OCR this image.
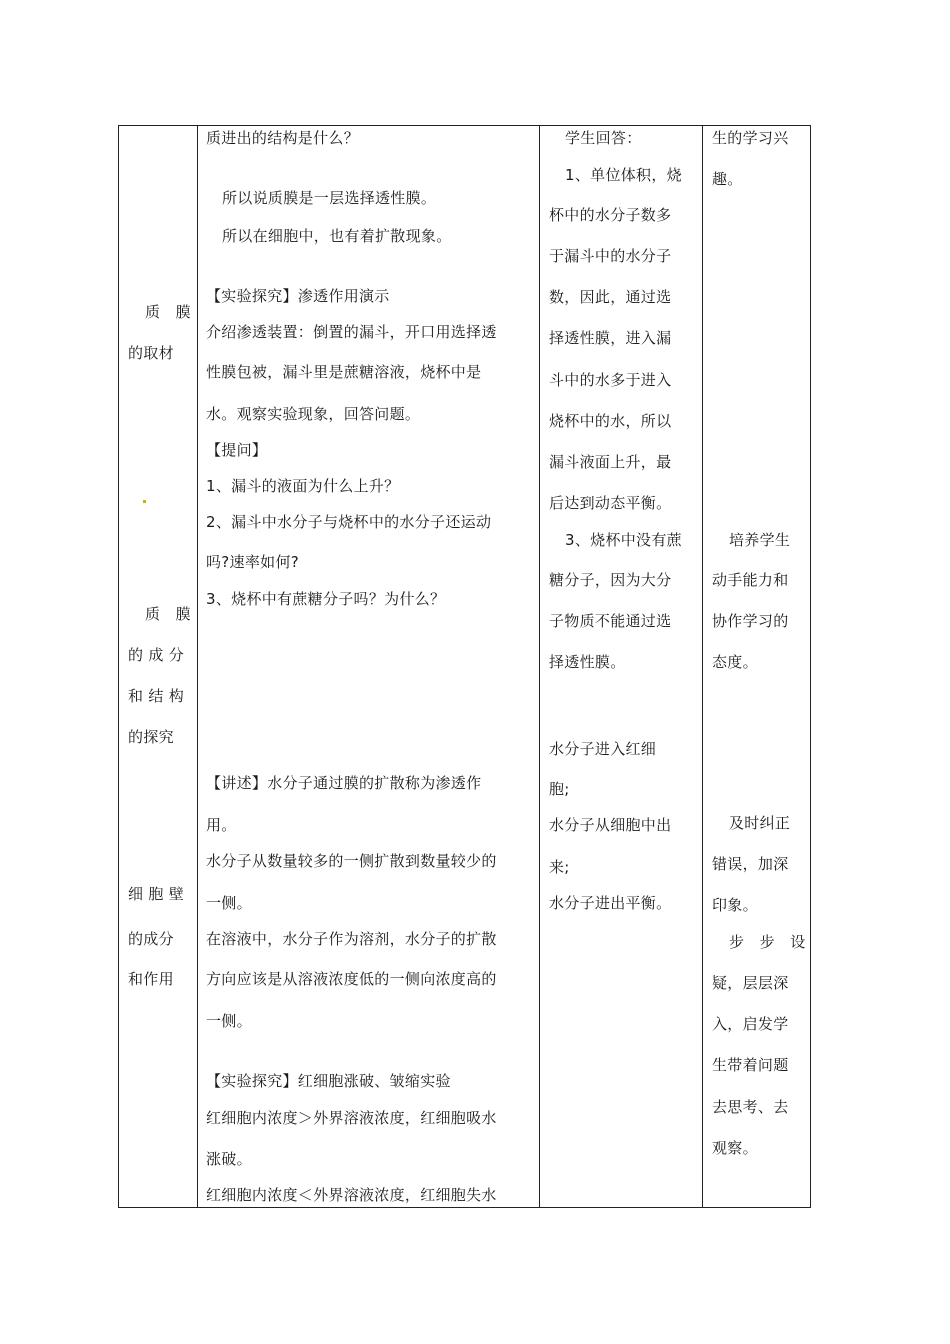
质　膜
的取材
质　膜
的 成 分
和 结 构
的探究
细 胞 壁
的成分
和作用
质进出的结构是什么？
所以说质膜是一层选择透性膜。
所以在细胞中，也有着扩散现象。
【实验探究】渗透作用演示
介绍渗透装置：倒置的漏斗，开口用选择透
性膜包被，漏斗里是蔗糖溶液，烧杯中是
水。观察实验现象，回答问题。
【提问】
1、漏斗的液面为什么上升？
2、漏斗中水分子与烧杯中的水分子还运动
吗?速率如何?
3、烧杯中有蔗糖分子吗？为什么？
【讲述】水分子通过膜的扩散称为渗透作
用。
水分子从数量较多的一侧扩散到数量较少的
一侧。
在溶液中，水分子作为溶剂，水分子的扩散
方向应该是从溶液浓度低的一侧向浓度高的
一侧。
【实验探究】红细胞涨破、皱缩实验
红细胞内浓度＞外界溶液浓度，红细胞吸水
涨破。
红细胞内浓度＜外界溶液浓度，红细胞失水
学生回答：
1、单位体积，烧
杯中的水分子数多
于漏斗中的水分子
数，因此，通过选
择透性膜，进入漏
斗中的水多于进入
烧杯中的水，所以
漏斗液面上升，最
后达到动态平衡。
3、烧杯中没有蔗
糖分子，因为大分
子物质不能通过选
择透性膜。
水分子进入红细
胞;
水分子从细胞中出
来;
水分子进出平衡。
生的学习兴
趣。
培养学生
动手能力和
协作学习的
态度。
及时纠正
错误，加深
印象。
步　步　设
疑，层层深
入，启发学
生带着问题
去思考、去
观察。
